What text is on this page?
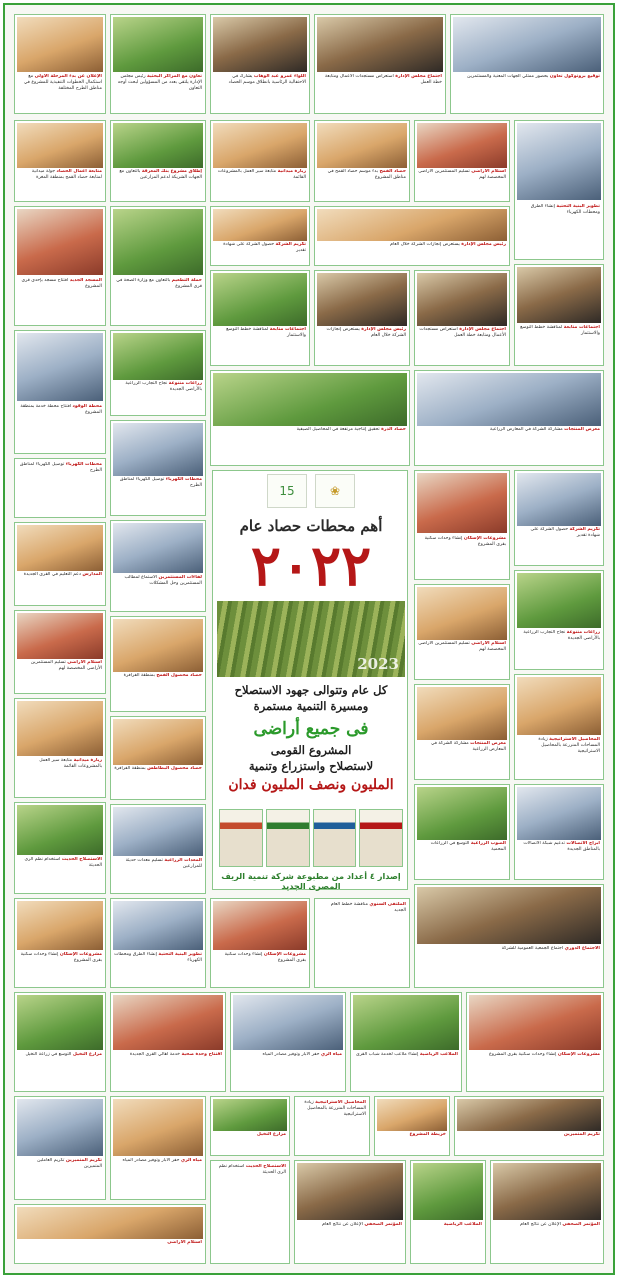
الإعلان عن بدء المرحلة الأولى مع استكمال الخطوات التنفيذية للمشروع في مناطق الطرح المختلفة
تعاون مع المراكز البحثية رئيس مجلس الإدارة يلتقي بعدد من المسؤولين لبحث أوجه التعاون
اللواء عمرو عبد الوهاب يشارك في الاحتفالية الرئاسية بانطلاق موسم الحصاد
اجتماع مجلس الإدارة استعراض مستجدات الأعمال ومتابعة خطة العمل
توقيع بروتوكول تعاون بحضور ممثلي الجهات المعنية والمستثمرين
متابعة أعمال الحصاد جولة ميدانية لمتابعة حصاد القمح بمنطقة المغرة
إطلاق مشروع بنك المعرفة بالتعاون مع الجهات الشريكة لدعم المزارعين
زيارة ميدانية متابعة سير العمل بالمشروعات القائمة
حصاد القمح بدء موسم حصاد القمح في مناطق المشروع
استلام الأراضى تسليم المستثمرين الأراضى المخصصة لهم
تطوير البنية التحتية إنشاء الطرق ومحطات الكهرباء
المسجد الجديد افتتاح مسجد بإحدى قرى المشروع
حملة التطعيم بالتعاون مع وزارة الصحة في قرى المشروع
تكريم الشركة حصول الشركة على شهادة تقدير
رئيس مجلس الإدارة يستعرض إنجازات الشركة خلال العام
اجتماعات متابعة لمناقشة خطط التوسع والاستثمار
رئيس مجلس الإدارة يستعرض إنجازات الشركة خلال العام
اجتماع مجلس الإدارة استعراض مستجدات الأعمال ومتابعة خطة العمل
اجتماعات متابعة لمناقشة خطط التوسع والاستثمار
محطة الوقود افتتاح محطة خدمة بمنطقة المشروع
زراعات متنوعة نجاح التجارب الزراعية بالأراضى الجديدة
حصاد الذرة تحقيق إنتاجية مرتفعة في المحاصيل الصيفية	معرض المنتجات مشاركة الشركة في المعارض الزراعية
محطات الكهرباء توصيل الكهرباء لمناطق الطرح
محطات الكهرباء توصيل الكهرباء لمناطق الطرح
المدارس دعم التعليم في القرى الجديدة
لقاءات المستثمرين الاستماع لمطالب المستثمرين وحل المشكلات
استلام الأراضى تسليم المستثمرين الأراضى المخصصة لهم
حصاد محصول القمح بمنطقة الفرافرة
زيارة ميدانية متابعة سير العمل بالمشروعات القائمة	حصاد محصول البطاطس بمنطقة الفرافرة
الاستصلاح الحديث استخدام نظم الري الحديثة
المعدات الزراعية تسليم معدات حديثة للمزارعين
مشروعات الإسكان إنشاء وحدات سكنية بقرى المشروع
تكريم الشركة حصول الشركة على شهادة تقدير
زراعات متنوعة نجاح التجارب الزراعية بالأراضى الجديدة
استلام الأراضى تسليم المستثمرين الأراضى المخصصة لهم
معرض المنتجات مشاركة الشركة في المعارض الزراعية
المحاصيل الاستراتيجية زيادة المساحات المنزرعة بالمحاصيل الاستراتيجية
الصوب الزراعية التوسع في الزراعات المحمية
أبراج الاتصالات تدعيم شبكة الاتصالات بالمناطق الجديدة
15	❀
أهم محطات حصاد عام
٢٠٢٢
2023
كل عام وتتوالى جهود الاستصلاح
ومسيرة التنمية مستمرة
فى جميع أراضى
المشروع القومى
لاستصلاح واستزراع وتنمية
المليون ونصف المليون فدان
إصدار ٤ أعداد من مطبوعة شركة تنمية الريف المصرى الجديد
مشروعات الإسكان إنشاء وحدات سكنية بقرى المشروع
تطوير البنية التحتية إنشاء الطرق ومحطات الكهرباء
مشروعات الإسكان إنشاء وحدات سكنية بقرى المشروع
الملتقى السنوي مناقشة خطط العام الجديد
الاجتماع الدوري اجتماع الجمعية العمومية للشركة
مزارع النخيل التوسع في زراعة النخيل	افتتاح وحدة صحية خدمة أهالي القرى الجديدة	مياه الري حفر الآبار وتوفير مصادر المياه	الملاعب الرياضية إنشاء ملاعب لخدمة شباب القرى	مشروعات الإسكان إنشاء وحدات سكنية بقرى المشروع
تكريم المتميزين تكريم العاملين المتميزين
مياه الري حفر الآبار وتوفير مصادر المياه
مزارع النخيل
المحاصيل الاستراتيجية زيادة المساحات المنزرعة بالمحاصيل الاستراتيجية
خريطة المشروع	تكريم المتميزين
الاستصلاح الحديث استخدام نظم الري الحديثة
المؤتمر الصحفي الإعلان عن نتائج العام	الملاعب الرياضية	المؤتمر الصحفي الإعلان عن نتائج العام
استلام الأراضى
